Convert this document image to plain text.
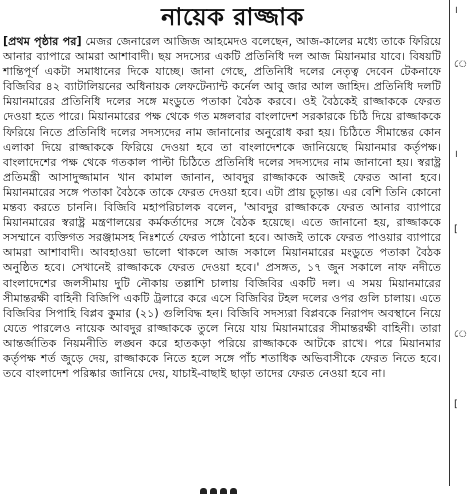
নায়েক রাজ্জাক

[প্রথম পৃষ্ঠার পর] মেজর জেনারেল আজিজ আহমেদও বলেছেন, আজ-কালের মধ্যে তাকে ফিরিয়ে আনার ব্যাপারে আমরা আশাবাদী। ছয় সদস্যের একটি প্রতিনিধি দল আজ মিয়ানমার যাবে। বিষয়টি শান্তিপূর্ণ একটা সমাধানের দিকে যাচ্ছে। জানা গেছে, প্রতিনিধি দলের নেতৃত্ব দেবেন টেকনাফে বিজিবির ৪২ ব্যাটালিয়নের অধিনায়ক লেফটেন্যান্ট কর্নেল আবু জার আল জাহিদ। প্রতিনিধি দলটি মিয়ানমারের প্রতিনিধি দলের সঙ্গে মংডুতে পতাকা বৈঠক করবে। ওই বৈঠকেই রাজ্জাককে ফেরত দেওয়া হতে পারে। মিয়ানমারের পক্ষ থেকে গত মঙ্গলবার বাংলাদেশ সরকারকে চিঠি দিয়ে রাজ্জাককে ফিরিয়ে নিতে প্রতিনিধি দলের সদস্যদের নাম জানানোর অনুরোধ করা হয়। চিঠিতে সীমান্তের কোন এলাকা দিয়ে রাজ্জাককে ফিরিয়ে দেওয়া হবে তা বাংলাদেশকে জানিয়েছে মিয়ানমার কর্তৃপক্ষ। বাংলাদেশের পক্ষ থেকে গতকাল পাল্টা চিঠিতে প্রতিনিধি দলের সদস্যদের নাম জানানো হয়। স্বরাষ্ট্র প্রতিমন্ত্রী আসাদুজ্জামান খান কামাল জানান, আবদুর রাজ্জাককে আজই ফেরত আনা হবে। মিয়ানমারের সঙ্গে পতাকা বৈঠকে তাকে ফেরত দেওয়া হবে। এটা প্রায় চূড়ান্ত। এর বেশি তিনি কোনো মন্তব্য করতে চাননি। বিজিবি মহাপরিচালক বলেন, 'আবদুর রাজ্জাককে ফেরত আনার ব্যাপারে মিয়ানমারের স্বরাষ্ট্র মন্ত্রণালয়ের কর্মকর্তাদের সঙ্গে বৈঠক হয়েছে। এতে জানানো হয়, রাজ্জাককে সসম্মানে ব্যক্তিগত সরঞ্জামসহ নিঃশর্তে ফেরত পাঠানো হবে। আজই তাকে ফেরত পাওয়ার ব্যাপারে আমরা আশাবাদী। আবহাওয়া ভালো থাকলে আজ সকালে মিয়ানমারের মংডুতে পতাকা বৈঠক অনুষ্ঠিত হবে। সেখানেই রাজ্জাককে ফেরত দেওয়া হবে।' প্রসঙ্গত, ১৭ জুন সকালে নাফ নদীতে বাংলাদেশের জলসীমায় দুটি নৌকায় তল্লাশি চালায় বিজিবির একটি দল। এ সময় মিয়ানমারের সীমান্তরক্ষী বাহিনী বিজিপি একটি ট্রলারে করে এসে বিজিবির টহল দলের ওপর গুলি চালায়। এতে বিজিবির সিপাহি বিপ্লব কুমার (২১) গুলিবিদ্ধ হন। বিজিবি সদস্যরা বিপ্লবকে নিরাপদ অবস্থানে নিয়ে যেতে পারলেও নায়েক আবদুর রাজ্জাককে তুলে নিয়ে যায় মিয়ানমারের সীমান্তরক্ষী বাহিনী। তারা আন্তর্জাতিক নিয়মনীতি লঙ্ঘন করে হাতকড়া পরিয়ে রাজ্জাককে আটকে রাখে। পরে মিয়ানমার কর্তৃপক্ষ শর্ত জুড়ে দেয়, রাজ্জাককে নিতে হলে সঙ্গে পাঁচ শতাধিক অভিবাসীকে ফেরত নিতে হবে। তবে বাংলাদেশ পরিষ্কার জানিয়ে দেয়, যাচাই-বাছাই ছাড়া তাদের ফেরত নেওয়া হবে না।

।
ে
।
[
ে
[
